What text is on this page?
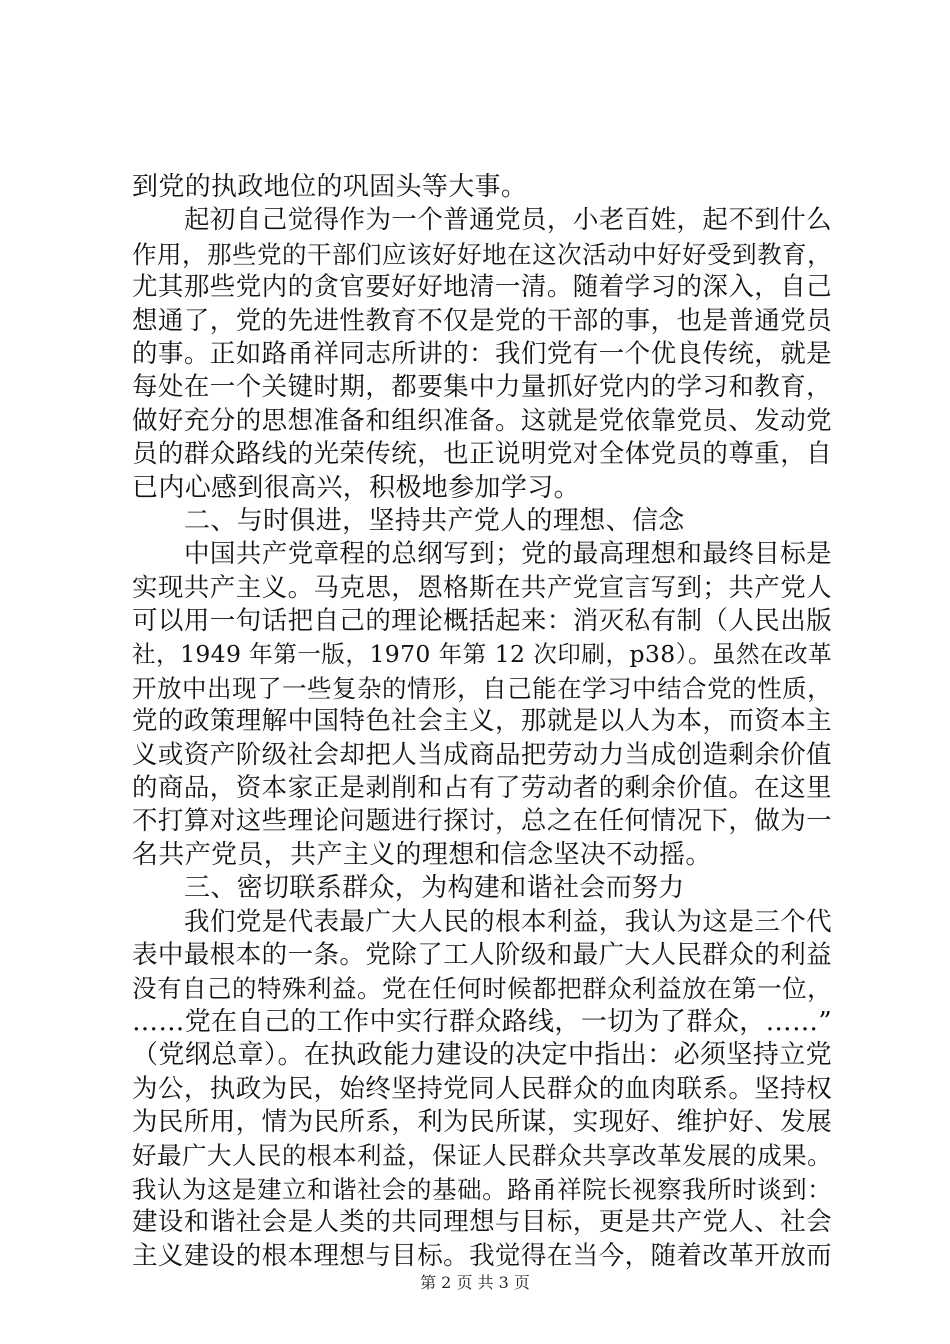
到党的执政地位的巩固头等大事。
起初自己觉得作为一个普通党员，小老百姓，起不到什么
作用，那些党的干部们应该好好地在这次活动中好好受到教育，
尤其那些党内的贪官要好好地清一清。随着学习的深入，自己
想通了，党的先进性教育不仅是党的干部的事，也是普通党员
的事。正如路甬祥同志所讲的：我们党有一个优良传统，就是
每处在一个关键时期，都要集中力量抓好党内的学习和教育，
做好充分的思想准备和组织准备。这就是党依靠党员、发动党
员的群众路线的光荣传统，也正说明党对全体党员的尊重，自
已内心感到很高兴，积极地参加学习。
二、与时俱进，坚持共产党人的理想、信念
中国共产党章程的总纲写到；党的最高理想和最终目标是
实现共产主义。马克思，恩格斯在共产党宣言写到；共产党人
可以用一句话把自己的理论概括起来：消灭私有制（人民出版
社，1949 年第一版，1970 年第 12 次印刷，p38）。虽然在改革
开放中出现了一些复杂的情形，自己能在学习中结合党的性质，
党的政策理解中国特色社会主义，那就是以人为本，而资本主
义或资产阶级社会却把人当成商品把劳动力当成创造剩余价值
的商品，资本家正是剥削和占有了劳动者的剩余价值。在这里
不打算对这些理论问题进行探讨，总之在任何情况下，做为一
名共产党员，共产主义的理想和信念坚决不动摇。
三、密切联系群众，为构建和谐社会而努力
我们党是代表最广大人民的根本利益，我认为这是三个代
表中最根本的一条。党除了工人阶级和最广大人民群众的利益
没有自己的特殊利益。党在任何时候都把群众利益放在第一位，
……党在自己的工作中实行群众路线，一切为了群众，……”
（党纲总章）。在执政能力建设的决定中指出：必须坚持立党
为公，执政为民，始终坚持党同人民群众的血肉联系。坚持权
为民所用，情为民所系，利为民所谋，实现好、维护好、发展
好最广大人民的根本利益，保证人民群众共享改革发展的成果。
我认为这是建立和谐社会的基础。路甬祥院长视察我所时谈到：
建设和谐社会是人类的共同理想与目标，更是共产党人、社会
主义建设的根本理想与目标。我觉得在当今，随着改革开放而
第 2 页 共 3 页
